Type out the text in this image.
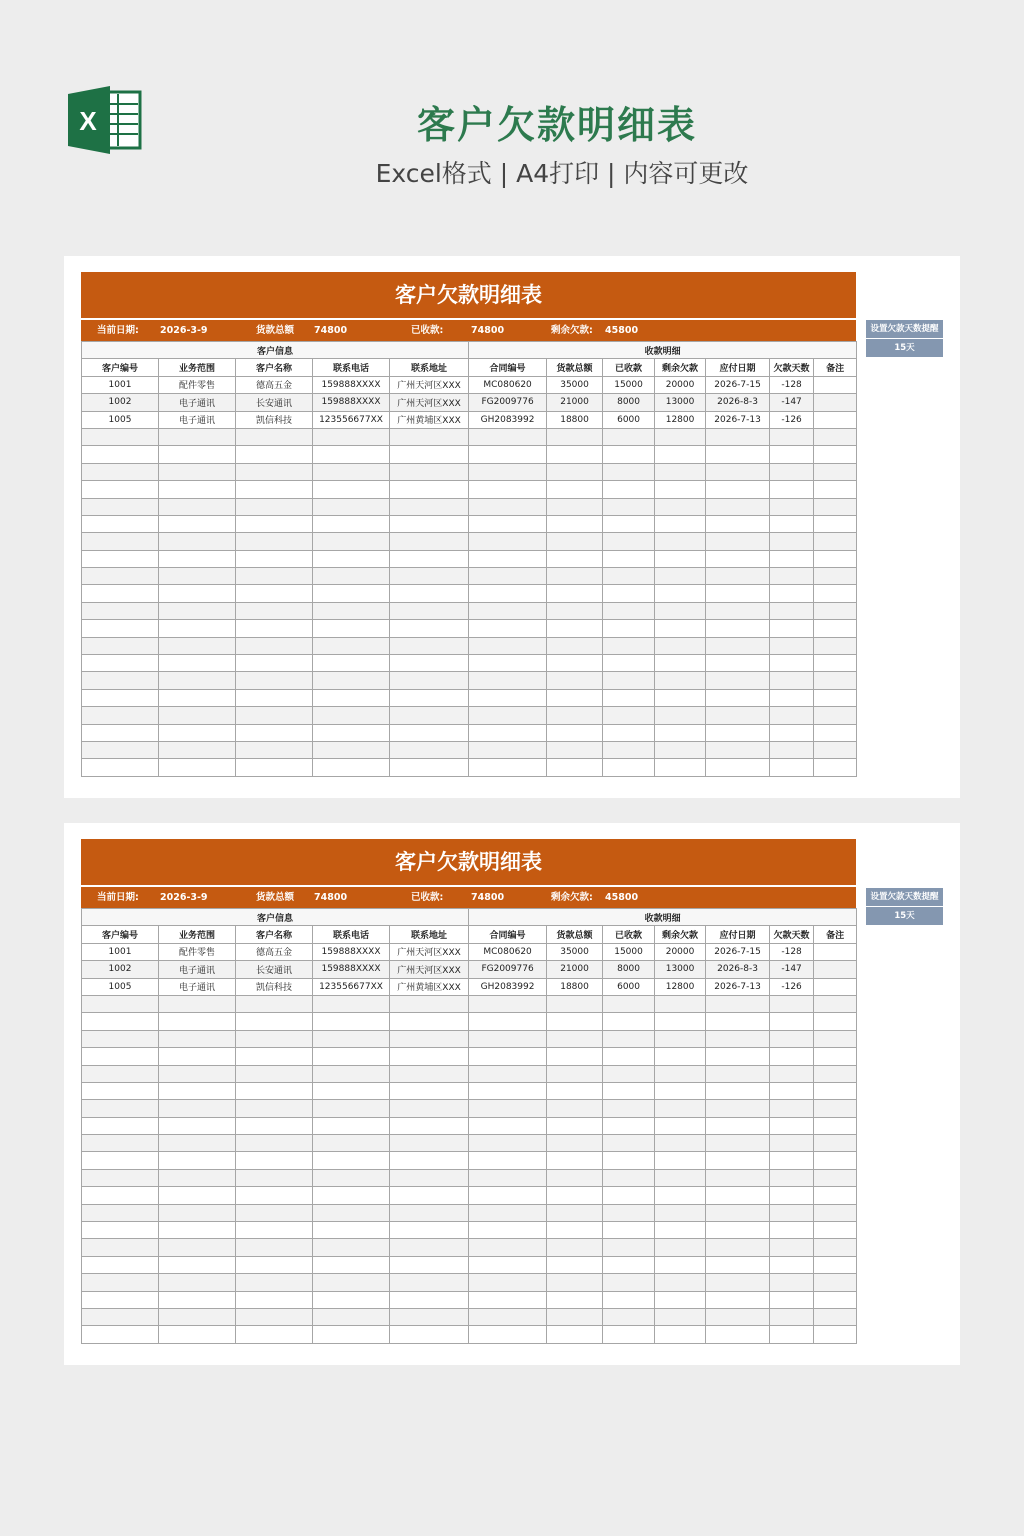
X	客户欠款明细表
Excel格式 | A4打印 | 内容可更改
客户欠款明细表
当前日期: 2026-3-9	货款总额 74800	已收款:	74800	剩余欠款: 45800
客户信息					收款明细						
客户编号	业务范围	客户名称	联系电话	联系地址	合同编号	货款总额	已收款	剩余欠款	应付日期	欠款天数	备注
1001	配件零售	德高五金	159888XXXX	广州天河区XXX	MC080620	35000	15000	20000	2026-7-15	-128	
1002	电子通讯	长安通讯	159888XXXX	广州天河区XXX	FG2009776	21000	8000	13000	2026-8-3	-147	
1005	电子通讯	凯信科技	123556677XX	广州黄埔区XXX	GH2083992	18800	6000	12800	2026-7-13	-126	

客户欠款明细表
当前日期: 2026-3-9	货款总额 74800	已收款:	74800	剩余欠款: 45800
客户信息					收款明细						
客户编号	业务范围	客户名称	联系电话	联系地址	合同编号	货款总额	已收款	剩余欠款	应付日期	欠款天数	备注
1001	配件零售	德高五金	159888XXXX	广州天河区XXX	MC080620	35000	15000	20000	2026-7-15	-128	
1002	电子通讯	长安通讯	159888XXXX	广州天河区XXX	FG2009776	21000	8000	13000	2026-8-3	-147	
1005	电子通讯	凯信科技	123556677XX	广州黄埔区XXX	GH2083992	18800	6000	12800	2026-7-13	-126	

设置欠款天数提醒
15天
设置欠款天数提醒
15天
